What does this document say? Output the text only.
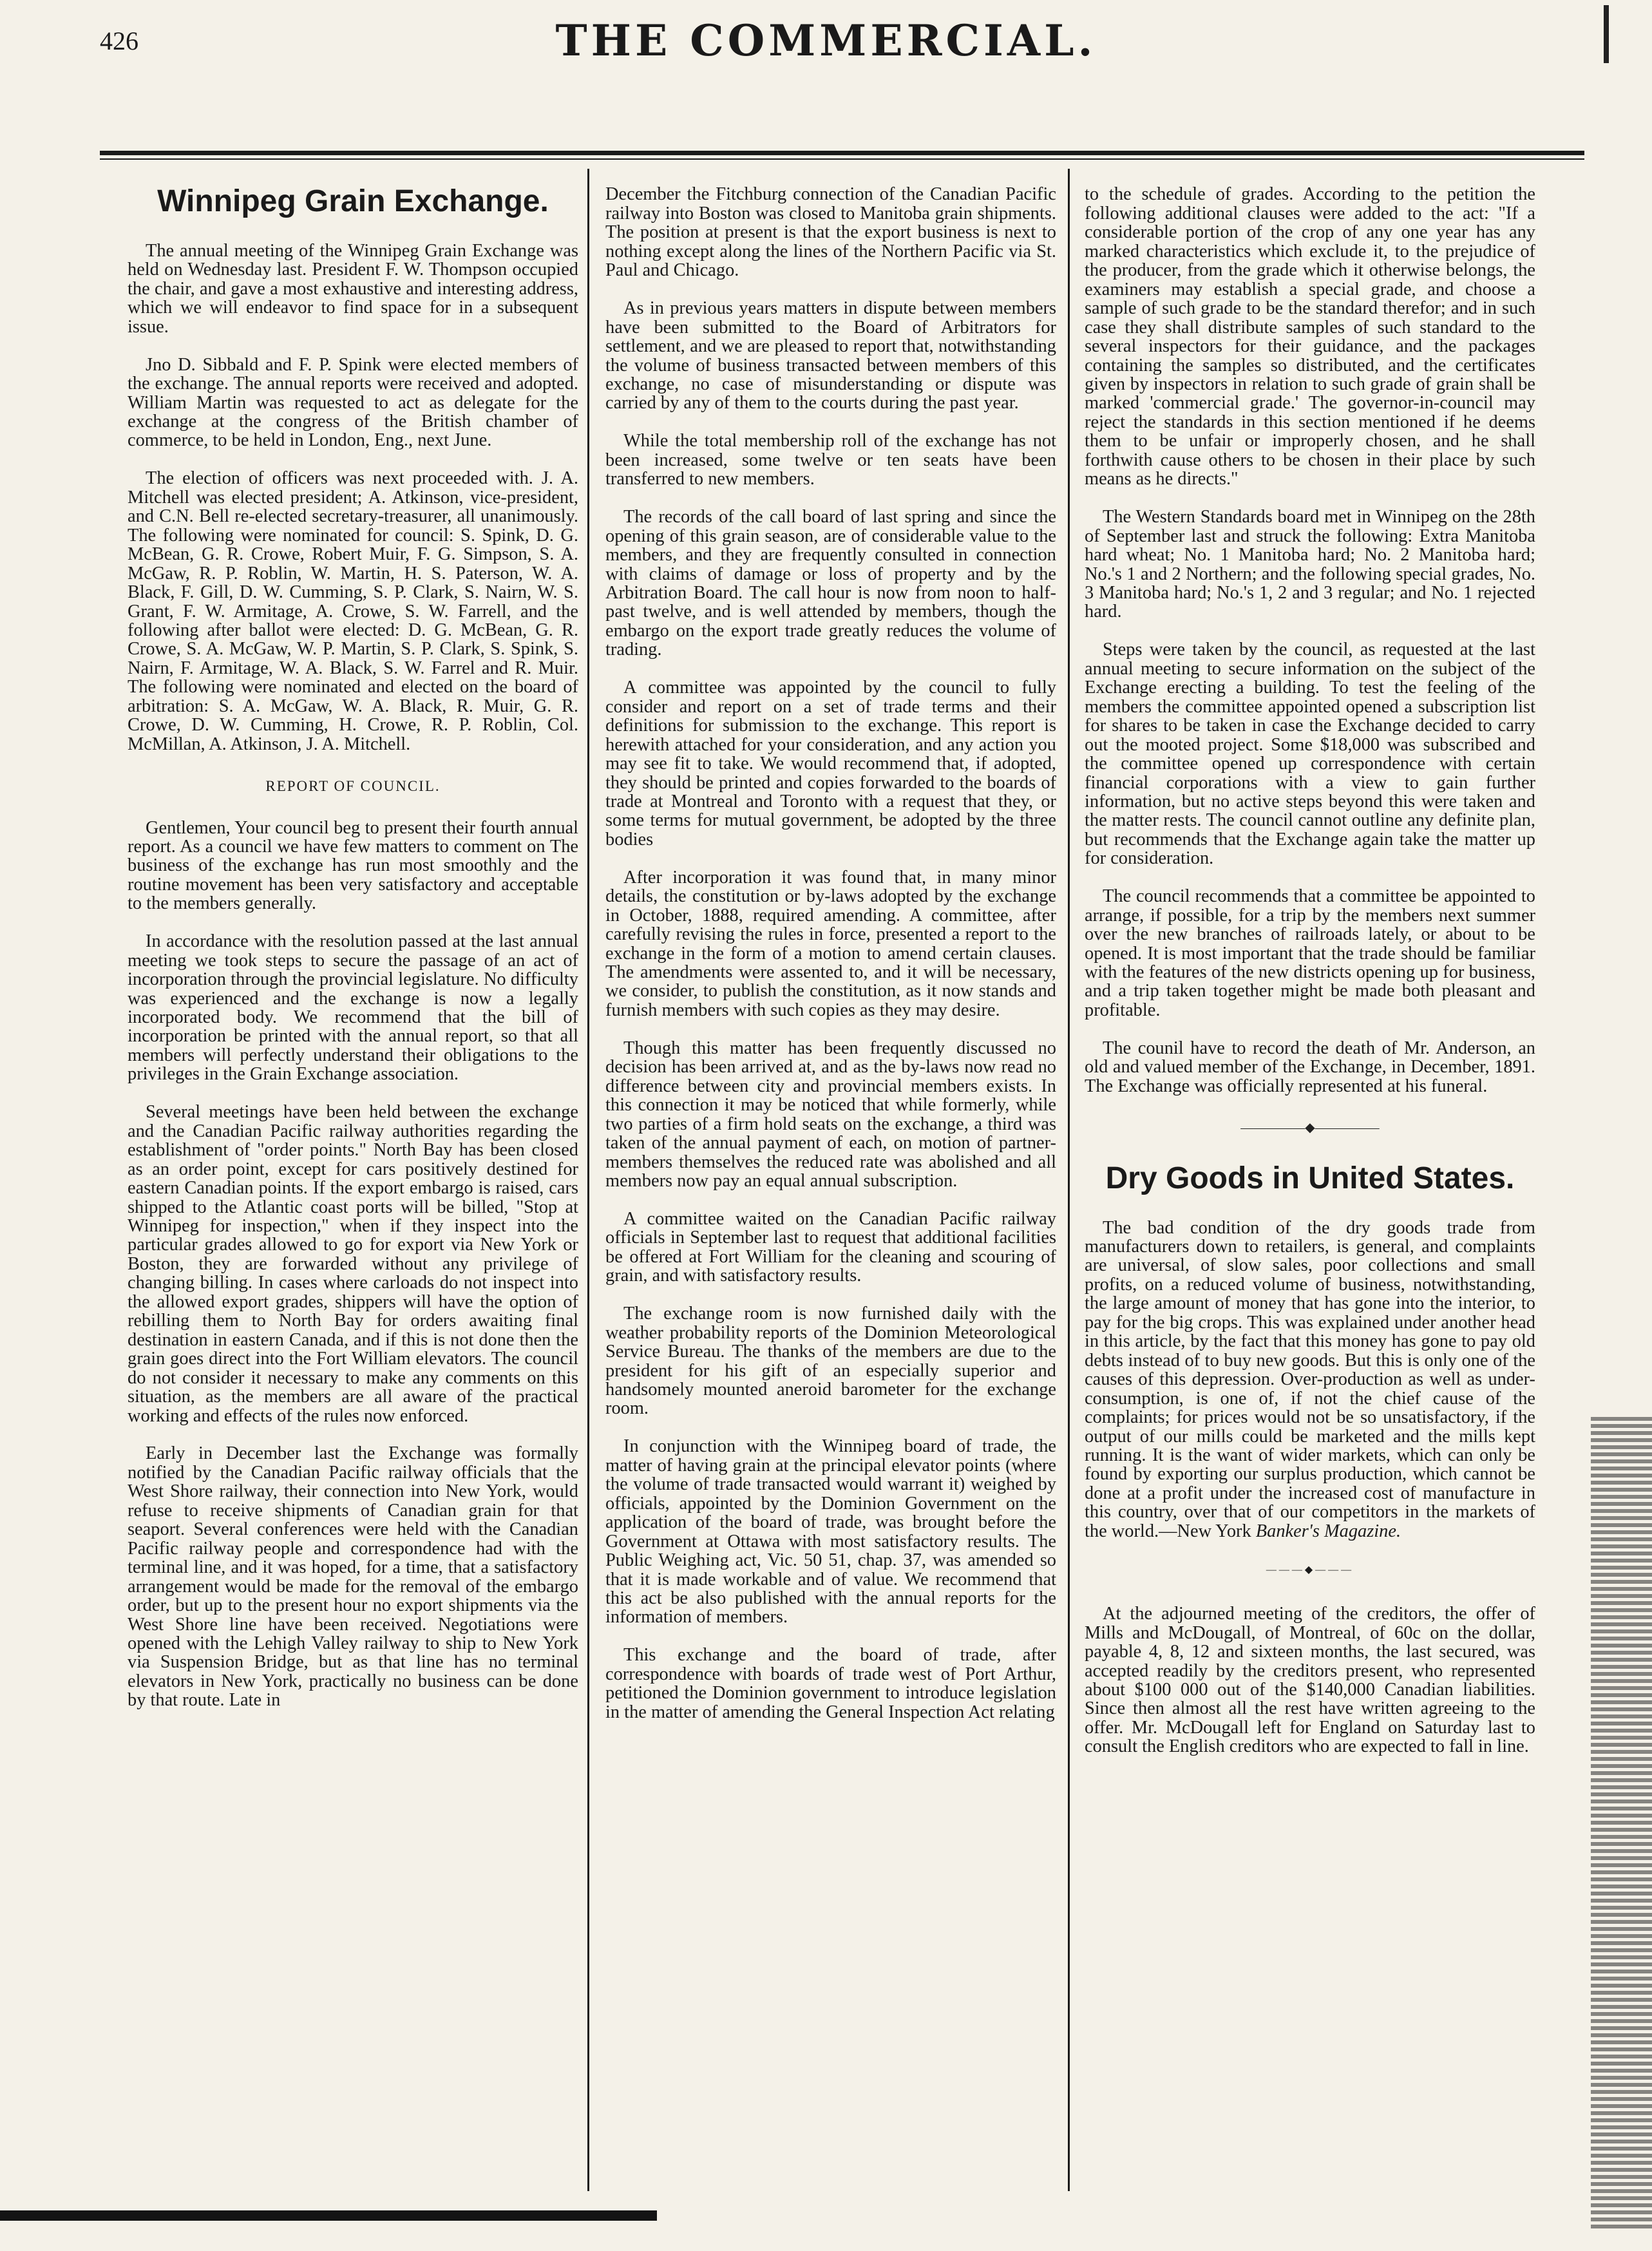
426	THE COMMERCIAL.

Winnipeg Grain Exchange.

The annual meeting of the Winnipeg Grain Exchange was held on Wednesday last. President F. W. Thompson occupied the chair, and gave a most exhaustive and interesting address, which we will endeavor to find space for in a subsequent issue.

Jno D. Sibbald and F. P. Spink were elected members of the exchange. The annual reports were received and adopted. William Martin was requested to act as delegate for the exchange at the congress of the British chamber of commerce, to be held in London, Eng., next June.

The election of officers was next proceeded with. J. A. Mitchell was elected president; A. Atkinson, vice-president, and C.N. Bell re-elected secretary-treasurer, all unanimously. The following were nominated for council: S. Spink, D. G. McBean, G. R. Crowe, Robert Muir, F. G. Simpson, S. A. McGaw, R. P. Roblin, W. Martin, H. S. Paterson, W. A. Black, F. Gill, D. W. Cumming, S. P. Clark, S. Nairn, W. S. Grant, F. W. Armitage, A. Crowe, S. W. Farrell, and the following after ballot were elected: D. G. McBean, G. R. Crowe, S. A. McGaw, W. P. Martin, S. P. Clark, S. Spink, S. Nairn, F. Armitage, W. A. Black, S. W. Farrel and R. Muir. The following were nominated and elected on the board of arbitration: S. A. McGaw, W. A. Black, R. Muir, G. R. Crowe, D. W. Cumming, H. Crowe, R. P. Roblin, Col. McMillan, A. Atkinson, J. A. Mitchell.

REPORT OF COUNCIL.

Gentlemen, Your council beg to present their fourth annual report. As a council we have few matters to comment on The business of the exchange has run most smoothly and the routine movement has been very satisfactory and acceptable to the members generally.

In accordance with the resolution passed at the last annual meeting we took steps to secure the passage of an act of incorporation through the provincial legislature. No difficulty was experienced and the exchange is now a legally incorporated body. We recommend that the bill of incorporation be printed with the annual report, so that all members will perfectly understand their obligations to the privileges in the Grain Exchange association.

Several meetings have been held between the exchange and the Canadian Pacific railway authorities regarding the establishment of "order points." North Bay has been closed as an order point, except for cars positively destined for eastern Canadian points. If the export embargo is raised, cars shipped to the Atlantic coast ports will be billed, "Stop at Winnipeg for inspection," when if they inspect into the particular grades allowed to go for export via New York or Boston, they are forwarded without any privilege of changing billing. In cases where carloads do not inspect into the allowed export grades, shippers will have the option of rebilling them to North Bay for orders awaiting final destination in eastern Canada, and if this is not done then the grain goes direct into the Fort William elevators. The council do not consider it necessary to make any comments on this situation, as the members are all aware of the practical working and effects of the rules now enforced.

Early in December last the Exchange was formally notified by the Canadian Pacific railway officials that the West Shore railway, their connection into New York, would refuse to receive shipments of Canadian grain for that seaport. Several conferences were held with the Canadian Pacific railway people and correspondence had with the terminal line, and it was hoped, for a time, that a satisfactory arrangement would be made for the removal of the embargo order, but up to the present hour no export shipments via the West Shore line have been received. Negotiations were opened with the Lehigh Valley railway to ship to New York via Suspension Bridge, but as that line has no terminal elevators in New York, practically no business can be done by that route. Late in

December the Fitchburg connection of the Canadian Pacific railway into Boston was closed to Manitoba grain shipments. The position at present is that the export business is next to nothing except along the lines of the Northern Pacific via St. Paul and Chicago.

As in previous years matters in dispute between members have been submitted to the Board of Arbitrators for settlement, and we are pleased to report that, notwithstanding the volume of business transacted between members of this exchange, no case of misunderstanding or dispute was carried by any of them to the courts during the past year.

While the total membership roll of the exchange has not been increased, some twelve or ten seats have been transferred to new members.

The records of the call board of last spring and since the opening of this grain season, are of considerable value to the members, and they are frequently consulted in connection with claims of damage or loss of property and by the Arbitration Board. The call hour is now from noon to half-past twelve, and is well attended by members, though the embargo on the export trade greatly reduces the volume of trading.

A committee was appointed by the council to fully consider and report on a set of trade terms and their definitions for submission to the exchange. This report is herewith attached for your consideration, and any action you may see fit to take. We would recommend that, if adopted, they should be printed and copies forwarded to the boards of trade at Montreal and Toronto with a request that they, or some terms for mutual government, be adopted by the three bodies

After incorporation it was found that, in many minor details, the constitution or by-laws adopted by the exchange in October, 1888, required amending. A committee, after carefully revising the rules in force, presented a report to the exchange in the form of a motion to amend certain clauses. The amendments were assented to, and it will be necessary, we consider, to publish the constitution, as it now stands and furnish members with such copies as they may desire.

Though this matter has been frequently discussed no decision has been arrived at, and as the by-laws now read no difference between city and provincial members exists. In this connection it may be noticed that while formerly, while two parties of a firm hold seats on the exchange, a third was taken of the annual payment of each, on motion of partner-members themselves the reduced rate was abolished and all members now pay an equal annual subscription.

A committee waited on the Canadian Pacific railway officials in September last to request that additional facilities be offered at Fort William for the cleaning and scouring of grain, and with satisfactory results.

The exchange room is now furnished daily with the weather probability reports of the Dominion Meteorological Service Bureau. The thanks of the members are due to the president for his gift of an especially superior and handsomely mounted aneroid barometer for the exchange room.

In conjunction with the Winnipeg board of trade, the matter of having grain at the principal elevator points (where the volume of trade transacted would warrant it) weighed by officials, appointed by the Dominion Government on the application of the board of trade, was brought before the Government at Ottawa with most satisfactory results. The Public Weighing act, Vic. 50 51, chap. 37, was amended so that it is made workable and of value. We recommend that this act be also published with the annual reports for the information of members.

This exchange and the board of trade, after correspondence with boards of trade west of Port Arthur, petitioned the Dominion government to introduce legislation in the matter of amending the General Inspection Act relating

to the schedule of grades. According to the petition the following additional clauses were added to the act: "If a considerable portion of the crop of any one year has any marked characteristics which exclude it, to the prejudice of the producer, from the grade which it otherwise belongs, the examiners may establish a special grade, and choose a sample of such grade to be the standard therefor; and in such case they shall distribute samples of such standard to the several inspectors for their guidance, and the packages containing the samples so distributed, and the certificates given by inspectors in relation to such grade of grain shall be marked 'commercial grade.' The governor-in-council may reject the standards in this section mentioned if he deems them to be unfair or improperly chosen, and he shall forthwith cause others to be chosen in their place by such means as he directs."

The Western Standards board met in Winnipeg on the 28th of September last and struck the following: Extra Manitoba hard wheat; No. 1 Manitoba hard; No. 2 Manitoba hard; No.'s 1 and 2 Northern; and the following special grades, No. 3 Manitoba hard; No.'s 1, 2 and 3 regular; and No. 1 rejected hard.

Steps were taken by the council, as requested at the last annual meeting to secure information on the subject of the Exchange erecting a building. To test the feeling of the members the committee appointed opened a subscription list for shares to be taken in case the Exchange decided to carry out the mooted project. Some $18,000 was subscribed and the committee opened up correspondence with certain financial corporations with a view to gain further information, but no active steps beyond this were taken and the matter rests. The council cannot outline any definite plan, but recommends that the Exchange again take the matter up for consideration.

The council recommends that a committee be appointed to arrange, if possible, for a trip by the members next summer over the new branches of railroads lately, or about to be opened. It is most important that the trade should be familiar with the features of the new districts opening up for business, and a trip taken together might be made both pleasant and profitable.

The counil have to record the death of Mr. Anderson, an old and valued member of the Exchange, in December, 1891. The Exchange was officially represented at his funeral.

—————◆—————

Dry Goods in United States.

The bad condition of the dry goods trade from manufacturers down to retailers, is general, and complaints are universal, of slow sales, poor collections and small profits, on a reduced volume of business, notwithstanding, the large amount of money that has gone into the interior, to pay for the big crops. This was explained under another head in this article, by the fact that this money has gone to pay old debts instead of to buy new goods. But this is only one of the causes of this depression. Over-production as well as under-consumption, is one of, if not the chief cause of the complaints; for prices would not be so unsatisfactory, if the output of our mills could be marketed and the mills kept running. It is the want of wider markets, which can only be found by exporting our surplus production, which cannot be done at a profit under the increased cost of manufacture in this country, over that of our competitors in the markets of the world.—New York Banker's Magazine.

———◆———

At the adjourned meeting of the creditors, the offer of Mills and McDougall, of Montreal, of 60c on the dollar, payable 4, 8, 12 and sixteen months, the last secured, was accepted readily by the creditors present, who represented about $100 000 out of the $140,000 Canadian liabilities. Since then almost all the rest have written agreeing to the offer. Mr. McDougall left for England on Saturday last to consult the English creditors who are expected to fall in line.
